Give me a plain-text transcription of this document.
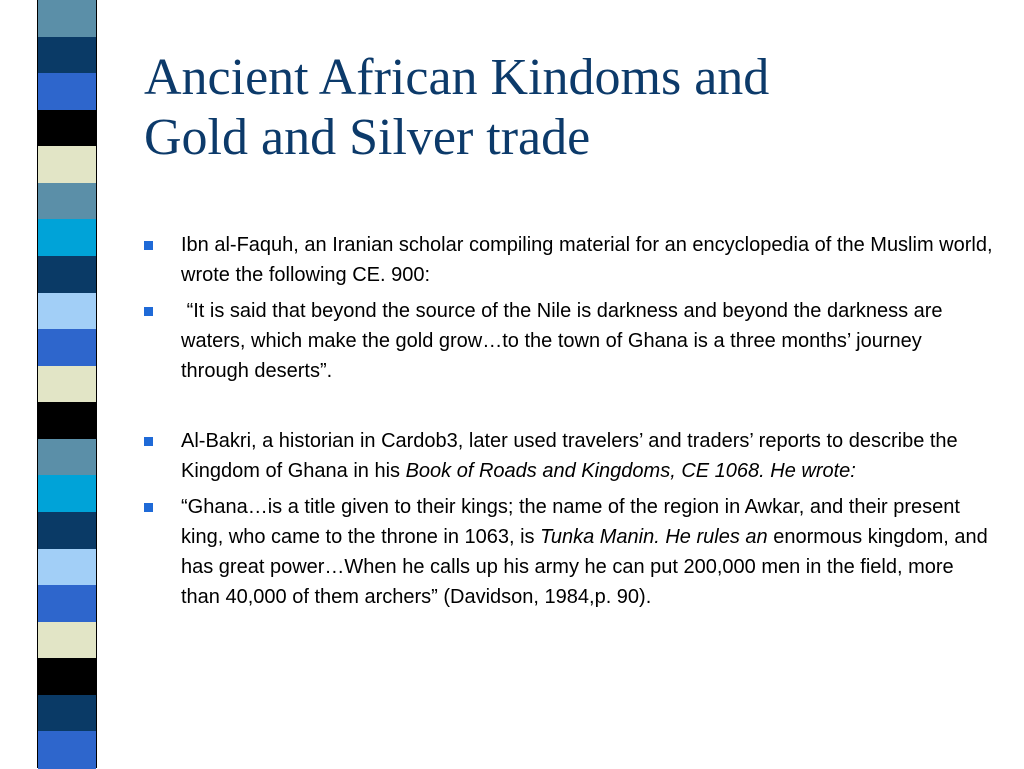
Ancient African Kindoms and
Gold and Silver trade
Ibn al-Faquh, an Iranian scholar compiling material for an encyclopedia of the Muslim world, wrote the following CE. 900:
“It is said that beyond the source of the Nile is darkness and beyond the darkness are waters, which make the gold grow…to the town of Ghana is a three months’ journey through deserts”.
Al-Bakri, a historian in Cardob3, later used travelers’ and traders’ reports to describe the Kingdom of Ghana in his Book of Roads and Kingdoms, CE 1068. He wrote:
“Ghana…is a title given to their kings; the name of the region in Awkar, and their present king, who came to the throne in 1063, is Tunka Manin. He rules an enormous kingdom, and has great power…When he calls up his army he can put 200,000 men in the field, more than 40,000 of them archers” (Davidson, 1984,p. 90).
